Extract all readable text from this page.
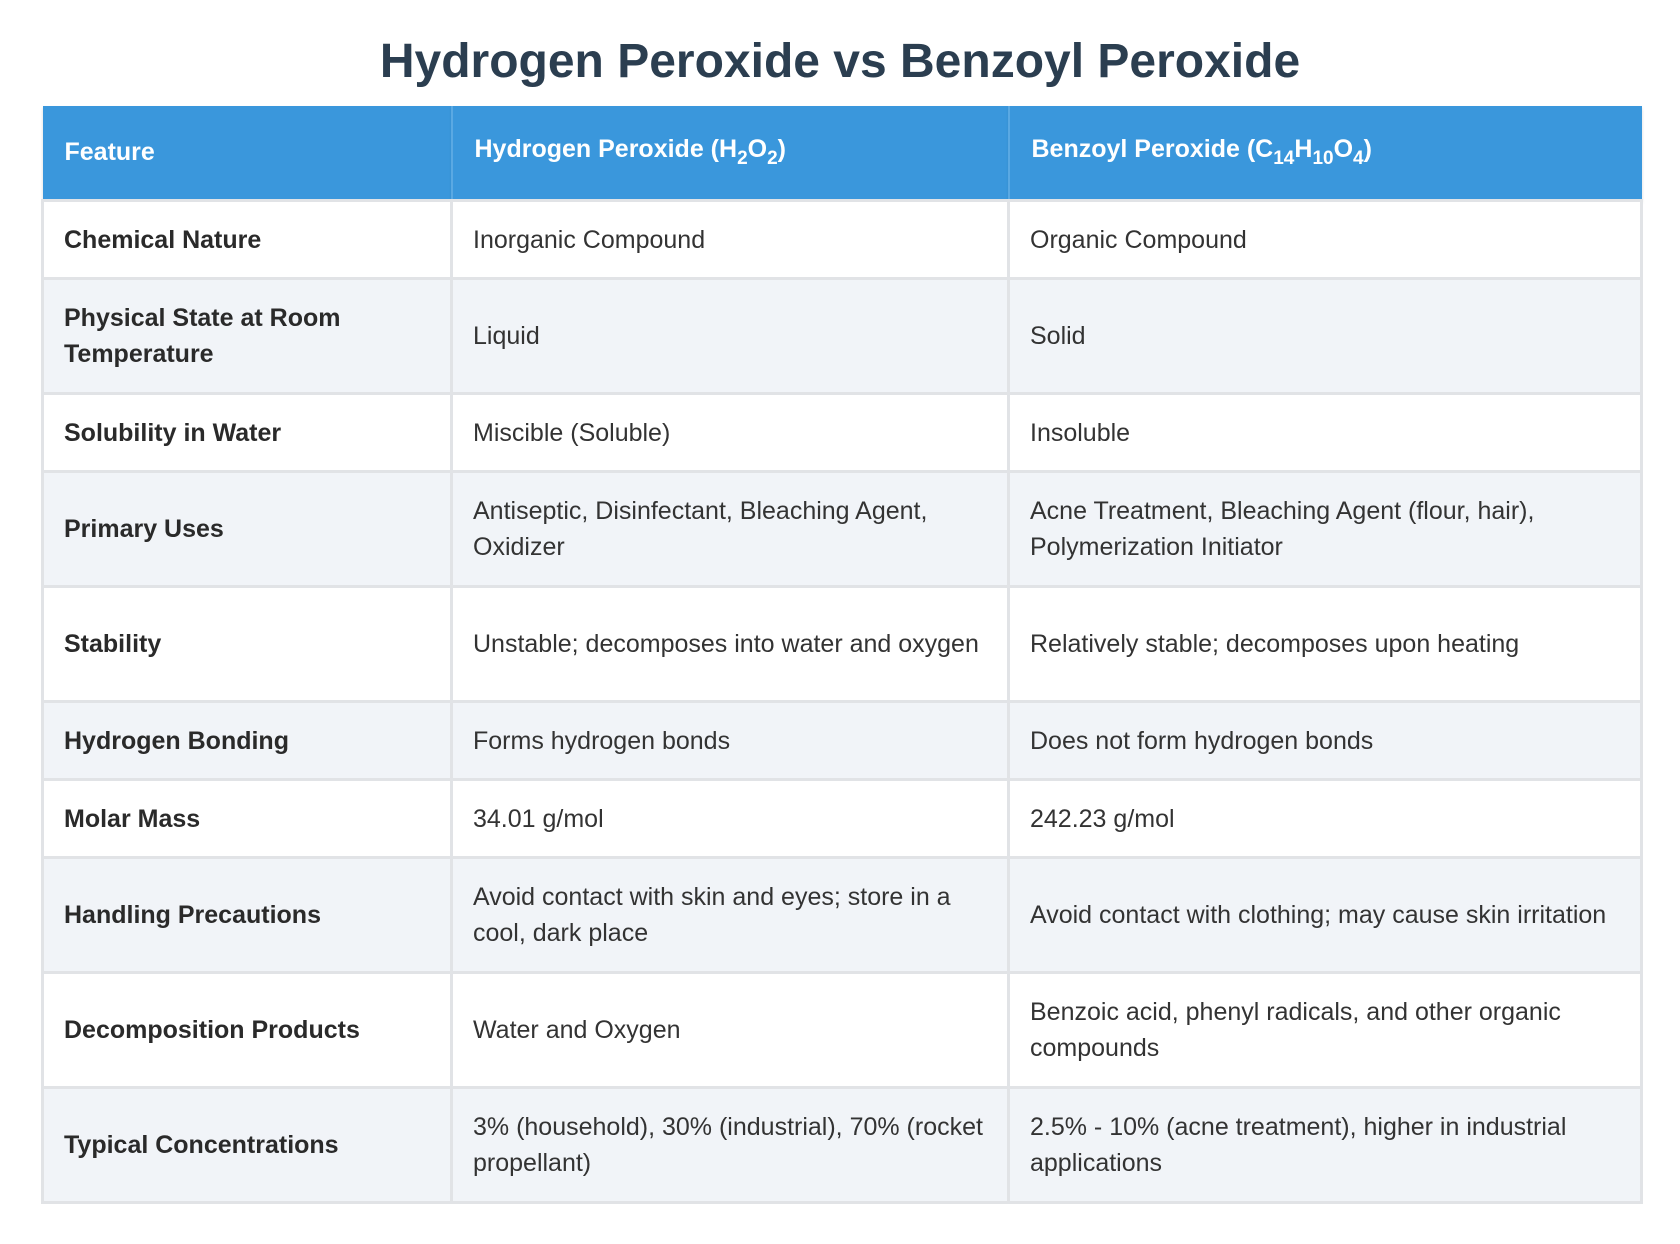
Hydrogen Peroxide vs Benzoyl Peroxide
Feature	Hydrogen Peroxide $(H_2O_2)$	Benzoyl Peroxide $(C_{14}H_{10}O_4)$
Chemical Nature	Inorganic Compound	Organic Compound
Physical State at Room Temperature	Liquid	Solid
Solubility in Water	Miscible (Soluble)	Insoluble
Primary Uses	Antiseptic, Disinfectant, Bleaching Agent, Oxidizer	Acne Treatment, Bleaching Agent (flour, hair), Polymerization Initiator
Stability	Unstable; decomposes into water and oxygen	Relatively stable; decomposes upon heating
Hydrogen Bonding	Forms hydrogen bonds	Does not form hydrogen bonds
Molar Mass	34.01 g/mol	242.23 g/mol
Handling Precautions	Avoid contact with skin and eyes; store in a cool, dark place	Avoid contact with clothing; may cause skin irritation
Decomposition Products	Water and Oxygen	Benzoic acid, phenyl radicals, and other organic compounds
Typical Concentrations	3% (household), 30% (industrial), 70% (rocket propellant)	2.5% - 10% (acne treatment), higher in industrial applications
